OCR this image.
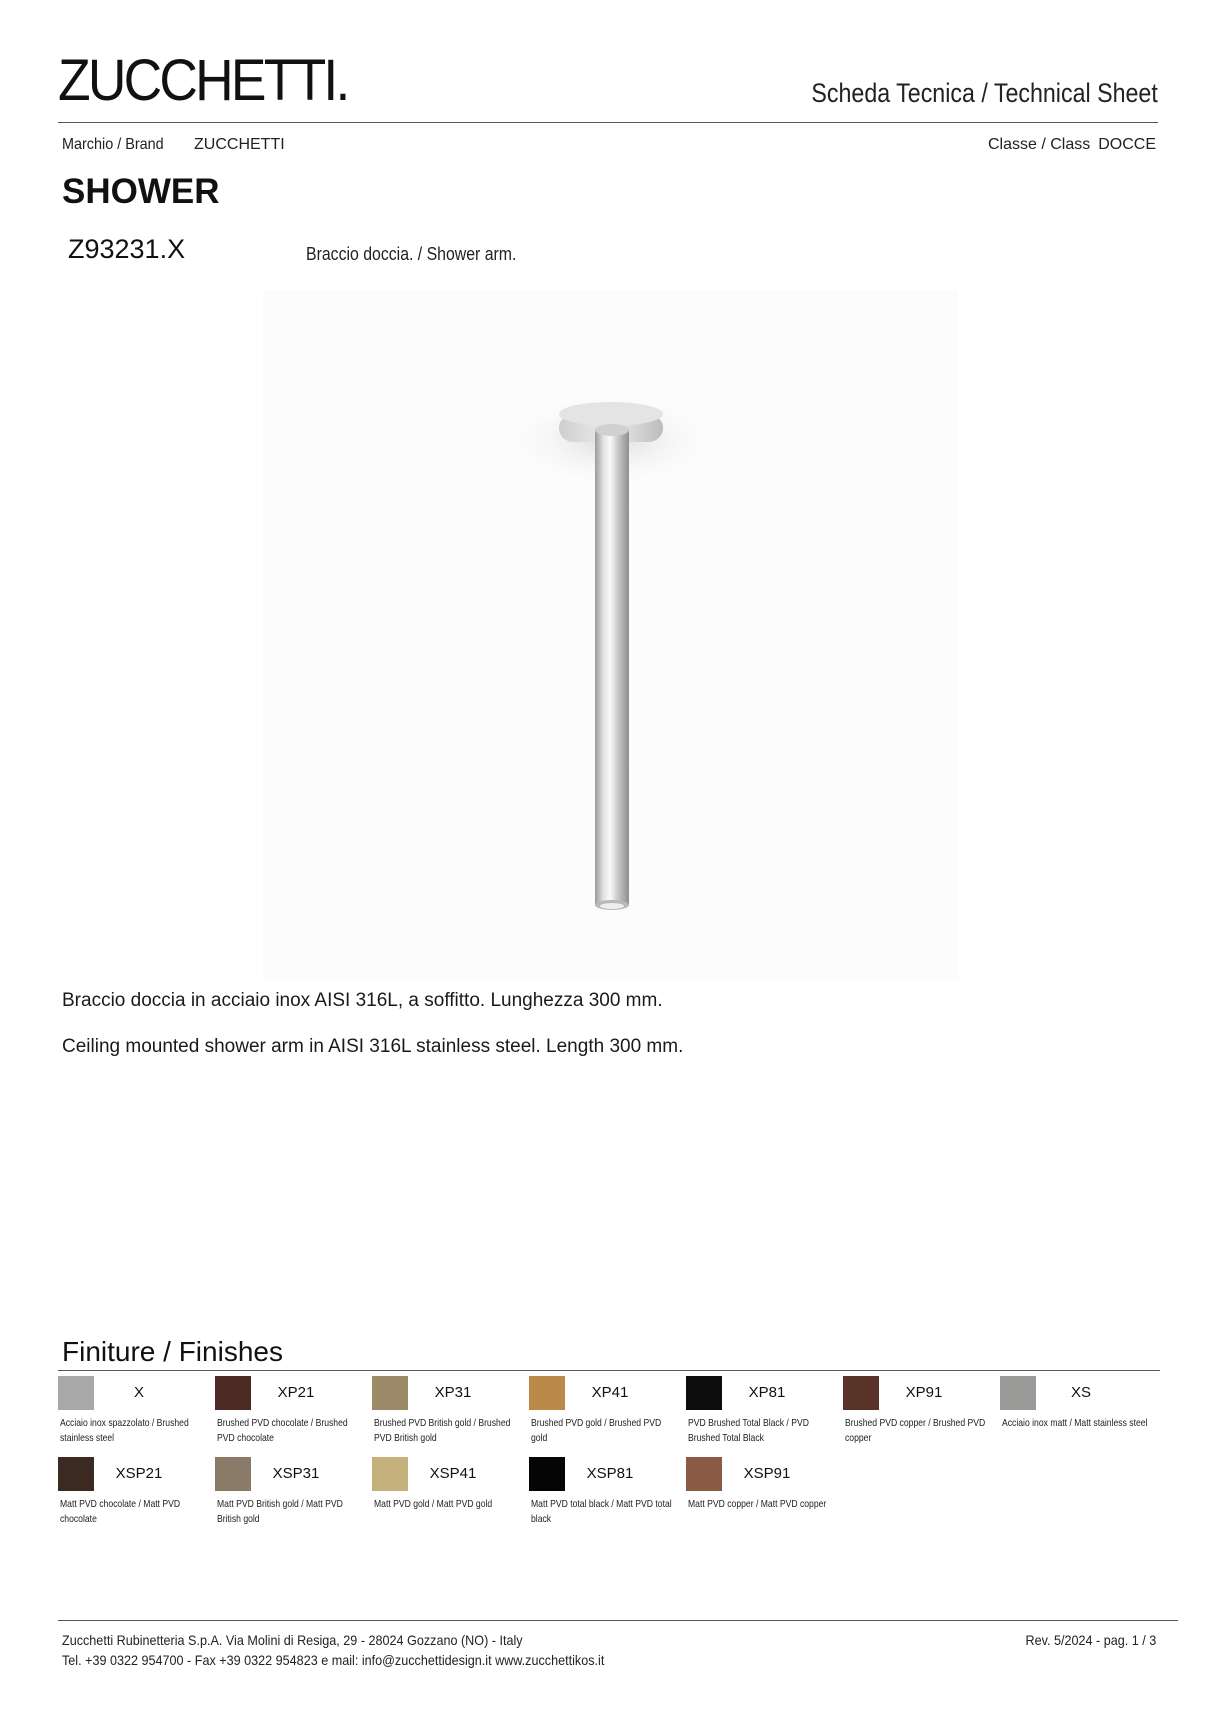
ZUCCHETTI.	Scheda Tecnica / Technical Sheet
Marchio / Brand ZUCCHETTI	Classe / Class DOCCE
SHOWER
Z93231.X	Braccio doccia. / Shower arm.
Braccio doccia in acciaio inox AISI 316L, a soffitto. Lunghezza 300 mm.
Ceiling mounted shower arm in AISI 316L stainless steel. Length 300 mm.
Finiture / Finishes
X
Acciaio inox spazzolato / Brushed stainless steel
XP21
Brushed PVD chocolate / Brushed PVD chocolate
XP31
Brushed PVD British gold / Brushed PVD British gold
XP41
Brushed PVD gold / Brushed PVD gold
XP81
PVD Brushed Total Black / PVD Brushed Total Black
XP91
Brushed PVD copper / Brushed PVD copper
XS
Acciaio inox matt / Matt stainless steel
XSP21
Matt PVD chocolate / Matt PVD chocolate
XSP31
Matt PVD British gold / Matt PVD British gold
XSP41
Matt PVD gold / Matt PVD gold
XSP81
Matt PVD total black / Matt PVD total black
XSP91
Matt PVD copper / Matt PVD copper
Zucchetti Rubinetteria S.p.A. Via Molini di Resiga, 29 - 28024 Gozzano (NO) - Italy
Tel. +39 0322 954700 - Fax +39 0322 954823 e mail: info@zucchettidesign.it www.zucchettikos.it
Rev. 5/2024 - pag. 1 / 3
